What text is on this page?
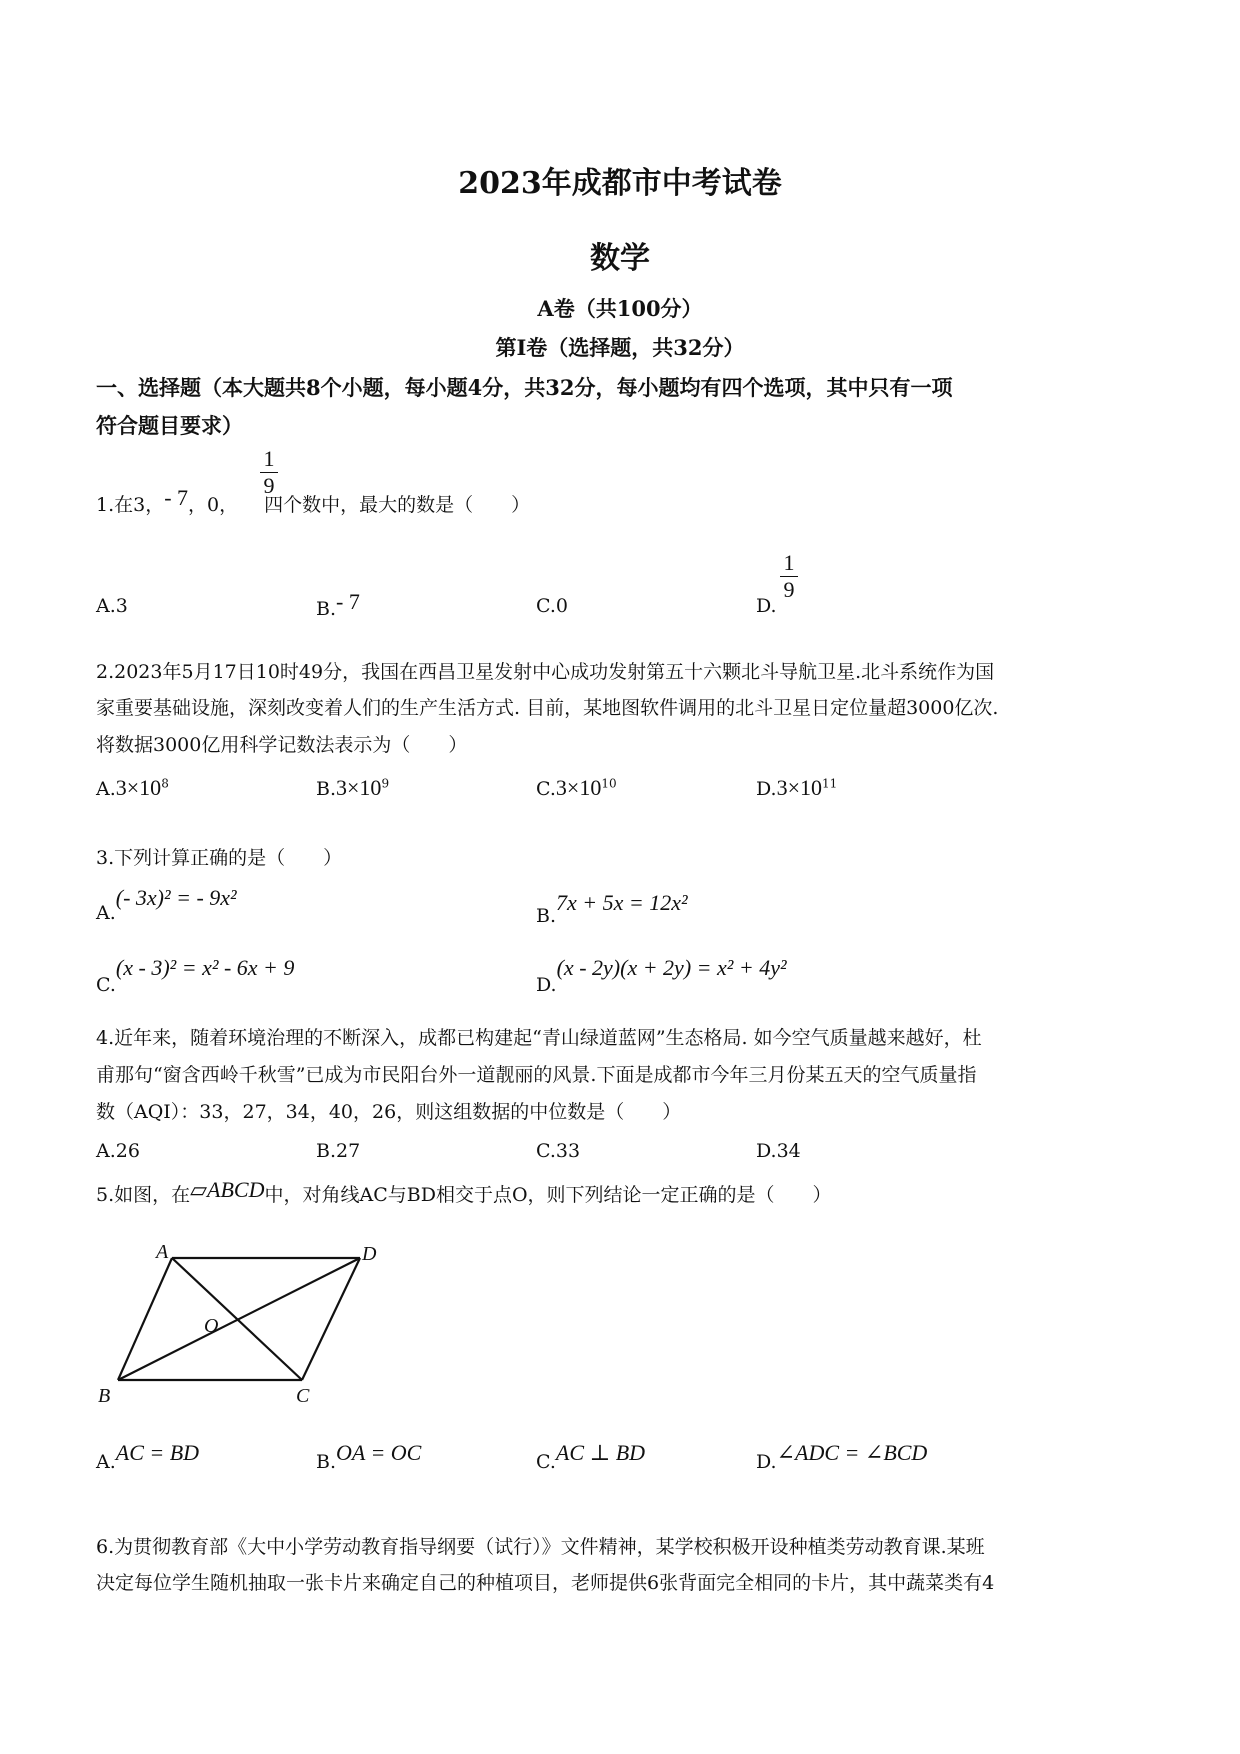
2023年成都市中考试卷
数学
A卷（共100分）
第I卷（选择题，共32分）
一、选择题（本大题共8个小题，每小题4分，共32分，每小题均有四个选项，其中只有一项
符合题目要求）
1.在3，- 7，0， 四个数中，最大的数是（　　）
1
9
A.3	B.- 7	C.0	D.
1
9
2.2023年5月17日10时49分，我国在西昌卫星发射中心成功发射第五十六颗北斗导航卫星.北斗系统作为国
家重要基础设施，深刻改变着人们的生产生活方式. 目前，某地图软件调用的北斗卫星日定位量超3000亿次.
将数据3000亿用科学记数法表示为（　　）
$A.3\times 10^8$	$B.3\times 10^9$	$C.3\times 10^{10}$	$D.3\times 10^{11}$
3.下列计算正确的是（　　）
A.(- 3x)² = - 9x²
B.7x + 5x = 12x²
C.(x - 3)² = x² - 6x + 9
D.(x - 2y)(x + 2y) = x² + 4y²
4.近年来，随着环境治理的不断深入，成都已构建起“青山绿道蓝网”生态格局. 如今空气质量越来越好，杜
甫那句“窗含西岭千秋雪”已成为市民阳台外一道靓丽的风景.下面是成都市今年三月份某五天的空气质量指
数（AQI）：33，27，34，40，26，则这组数据的中位数是（　　）
A.26	B.27	C.33	D.34
5.如图，在▱ABCD中，对角线AC与BD相交于点O，则下列结论一定正确的是（　　）
A	D
O
B	C
A.AC = BD	B.OA = OC	C.AC ⊥ BD	D.∠ADC = ∠BCD
6.为贯彻教育部《大中小学劳动教育指导纲要（试行）》文件精神，某学校积极开设种植类劳动教育课.某班
决定每位学生随机抽取一张卡片来确定自己的种植项目，老师提供6张背面完全相同的卡片，其中蔬菜类有4
